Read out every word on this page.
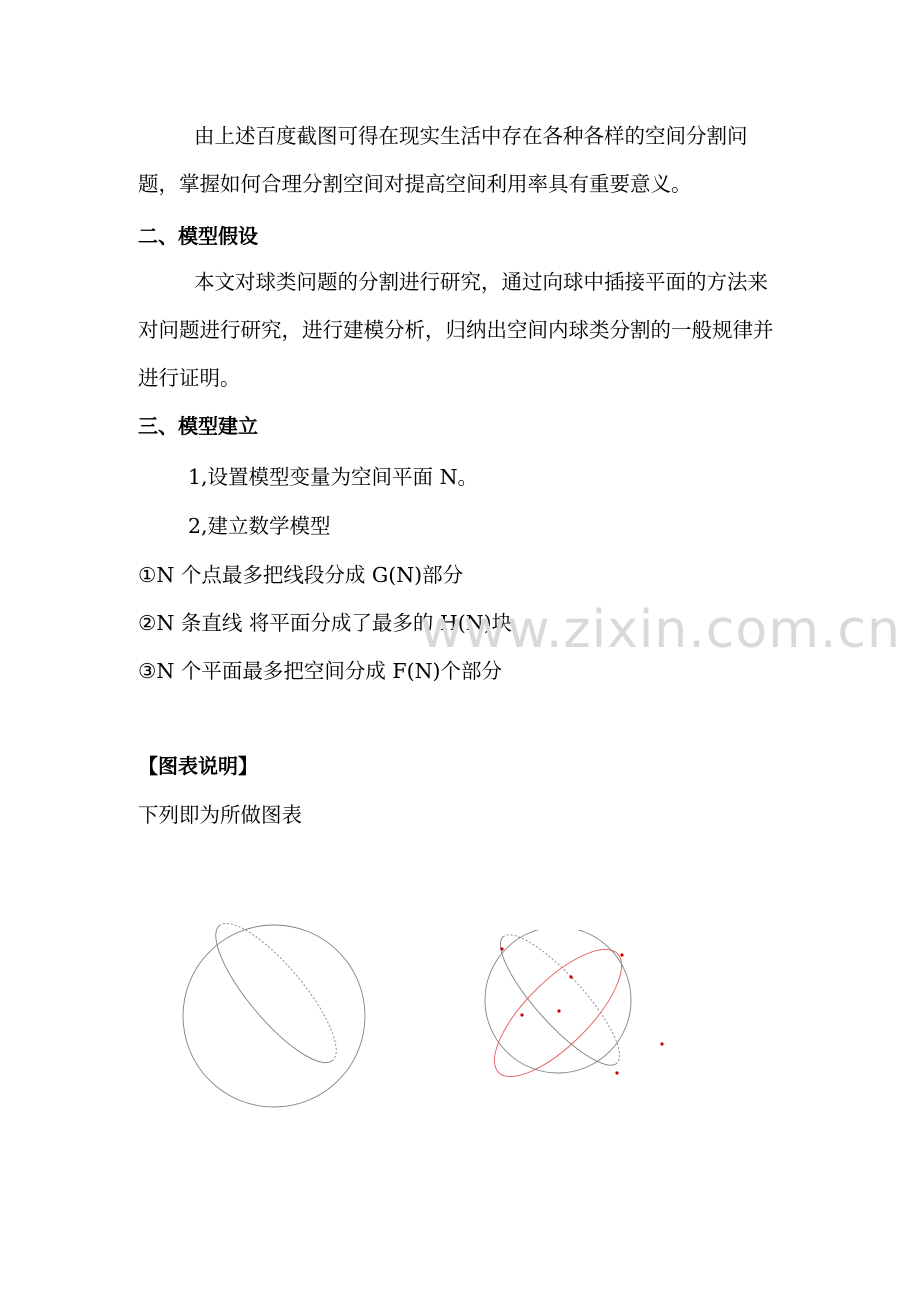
由上述百度截图可得在现实生活中存在各种各样的空间分割问题，掌握如何合理分割空间对提高空间利用率具有重要意义。
二、模型假设
本文对球类问题的分割进行研究，通过向球中插接平面的方法来对问题进行研究，进行建模分析，归纳出空间内球类分割的一般规律并进行证明。
三、模型建立
1,设置模型变量为空间平面 N。
2,建立数学模型
①N 个点最多把线段分成 G(N)部分
②N 条直线 将平面分成了最多的 H(N)块
③N 个平面最多把空间分成 F(N)个部分
www.zixin.com.cn
【图表说明】
下列即为所做图表
